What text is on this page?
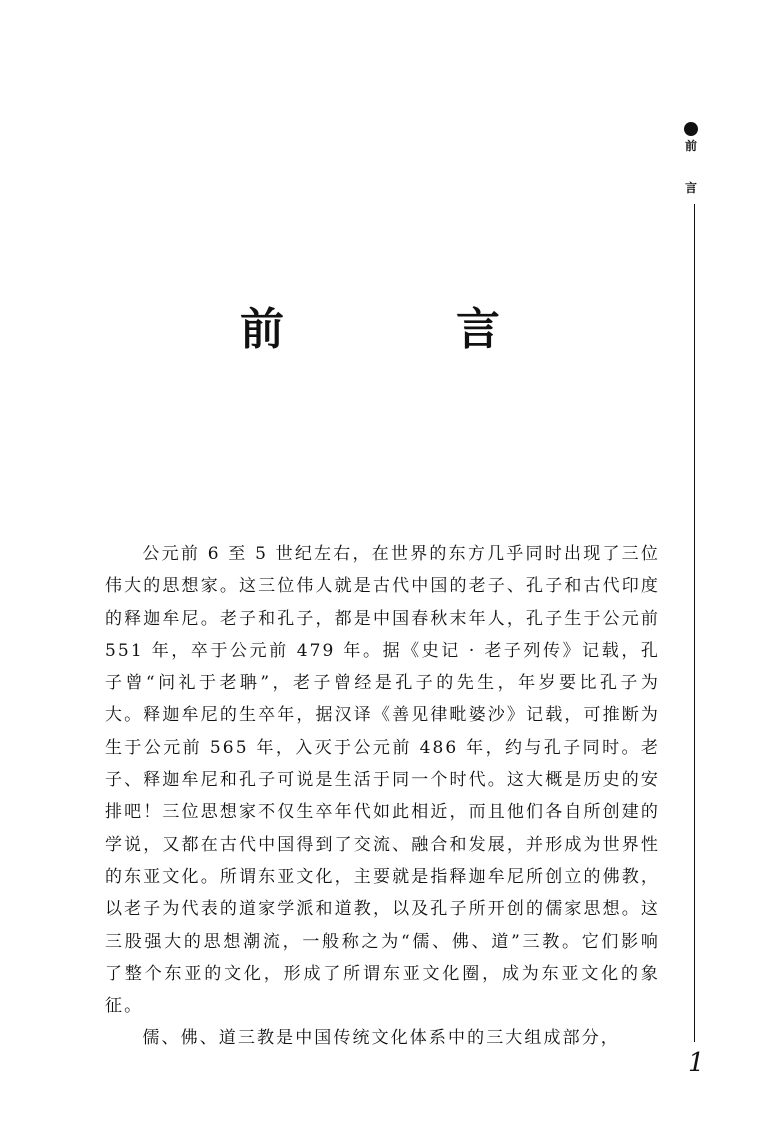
前	言

公元前 6 至 5 世纪左右，在世界的东方几乎同时出现了三位伟大的思想家。这三位伟人就是古代中国的老子、孔子和古代印度的释迦牟尼。老子和孔子，都是中国春秋末年人，孔子生于公元前 551 年，卒于公元前 479 年。据《史记 · 老子列传》记载，孔子曾“问礼于老聃”，老子曾经是孔子的先生，年岁要比孔子为大。释迦牟尼的生卒年，据汉译《善见律毗婆沙》记载，可推断为生于公元前 565 年，入灭于公元前 486 年，约与孔子同时。老子、释迦牟尼和孔子可说是生活于同一个时代。这大概是历史的安排吧！三位思想家不仅生卒年代如此相近，而且他们各自所创建的学说，又都在古代中国得到了交流、融合和发展，并形成为世界性的东亚文化。所谓东亚文化，主要就是指释迦牟尼所创立的佛教，以老子为代表的道家学派和道教，以及孔子所开创的儒家思想。这三股强大的思想潮流，一般称之为“儒、佛、道”三教。它们影响了整个东亚的文化，形成了所谓东亚文化圈，成为东亚文化的象征。

儒、佛、道三教是中国传统文化体系中的三大组成部分，

前
言
1
